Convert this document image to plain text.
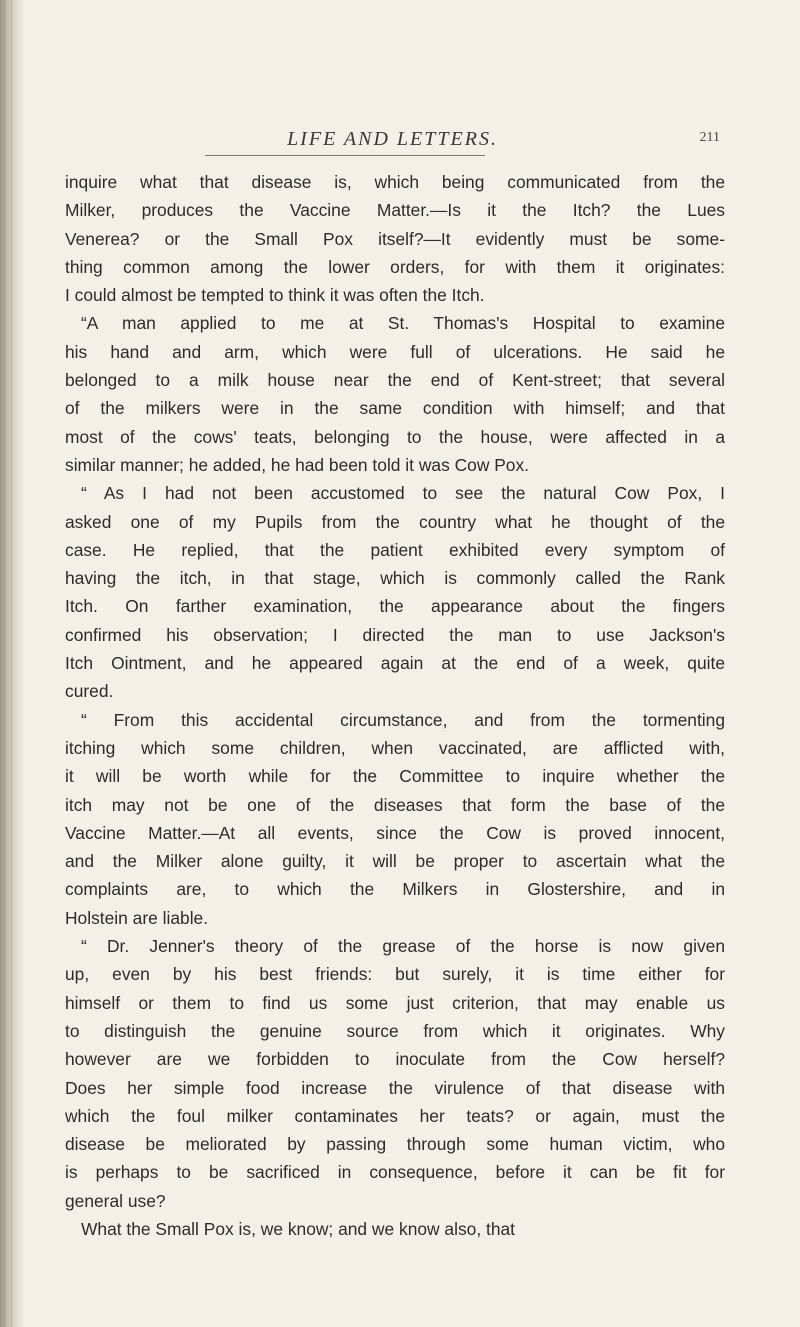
LIFE AND LETTERS.	211

inquire what that disease is, which being communicated from the
Milker, produces the Vaccine Matter.—Is it the Itch? the Lues
Venerea? or the Small Pox itself?—It evidently must be some-
thing common among the lower orders, for with them it originates:
I could almost be tempted to think it was often the Itch.

“A man applied to me at St. Thomas's Hospital to examine
his hand and arm, which were full of ulcerations. He said he
belonged to a milk house near the end of Kent-street; that several
of the milkers were in the same condition with himself; and that
most of the cows' teats, belonging to the house, were affected in a
similar manner; he added, he had been told it was Cow Pox.

“ As I had not been accustomed to see the natural Cow Pox, I
asked one of my Pupils from the country what he thought of the
case. He replied, that the patient exhibited every symptom of
having the itch, in that stage, which is commonly called the Rank
Itch. On farther examination, the appearance about the fingers
confirmed his observation; I directed the man to use Jackson's
Itch Ointment, and he appeared again at the end of a week, quite
cured.

“ From this accidental circumstance, and from the tormenting
itching which some children, when vaccinated, are afflicted with,
it will be worth while for the Committee to inquire whether the
itch may not be one of the diseases that form the base of the
Vaccine Matter.—At all events, since the Cow is proved innocent,
and the Milker alone guilty, it will be proper to ascertain what the
complaints are, to which the Milkers in Glostershire, and in
Holstein are liable.

“ Dr. Jenner's theory of the grease of the horse is now given
up, even by his best friends: but surely, it is time either for
himself or them to find us some just criterion, that may enable us
to distinguish the genuine source from which it originates. Why
however are we forbidden to inoculate from the Cow herself?
Does her simple food increase the virulence of that disease with
which the foul milker contaminates her teats? or again, must the
disease be meliorated by passing through some human victim, who
is perhaps to be sacrificed in consequence, before it can be fit for
general use?

What the Small Pox is, we know; and we know also, that
